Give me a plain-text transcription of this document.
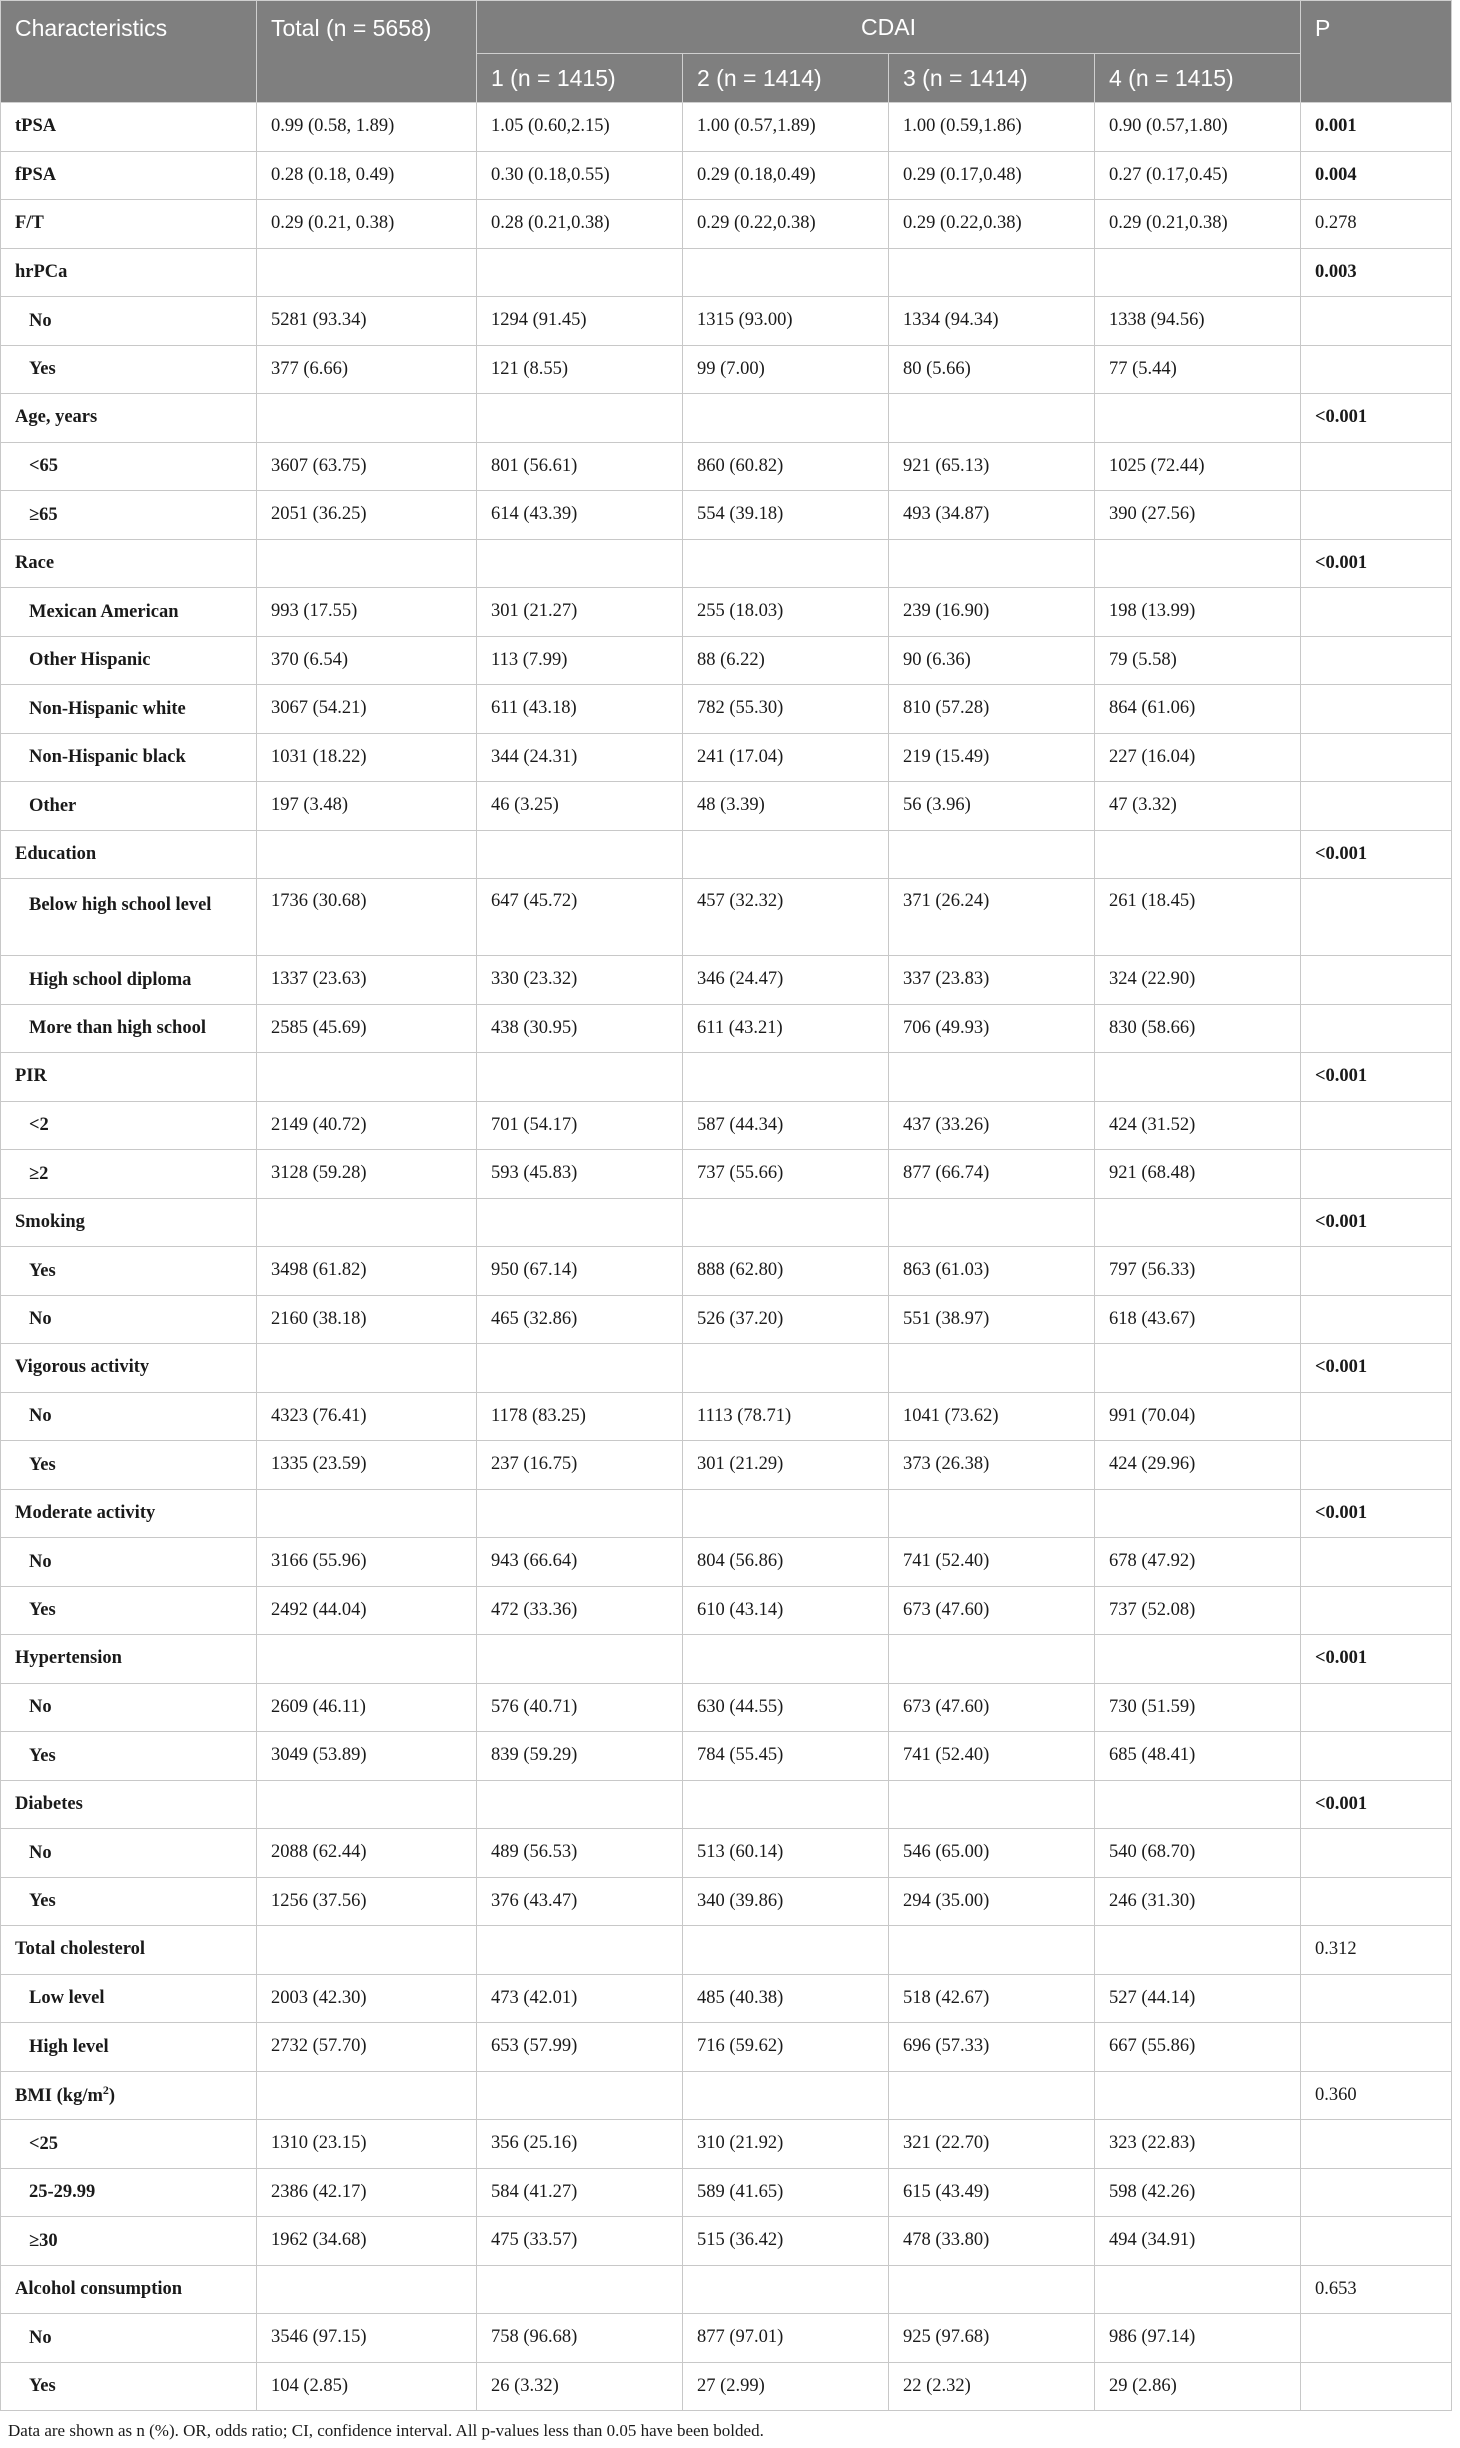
Characteristics	Total (n = 5658)	CDAI				P
		1 (n = 1415)	2 (n = 1414)	3 (n = 1414)	4 (n = 1415)	
tPSA	0.99 (0.58, 1.89)	1.05 (0.60,2.15)	1.00 (0.57,1.89)	1.00 (0.59,1.86)	0.90 (0.57,1.80)	0.001
fPSA	0.28 (0.18, 0.49)	0.30 (0.18,0.55)	0.29 (0.18,0.49)	0.29 (0.17,0.48)	0.27 (0.17,0.45)	0.004
F/T	0.29 (0.21, 0.38)	0.28 (0.21,0.38)	0.29 (0.22,0.38)	0.29 (0.22,0.38)	0.29 (0.21,0.38)	0.278
hrPCa						0.003
No	5281 (93.34)	1294 (91.45)	1315 (93.00)	1334 (94.34)	1338 (94.56)	
Yes	377 (6.66)	121 (8.55)	99 (7.00)	80 (5.66)	77 (5.44)	
Age, years						<0.001
<65	3607 (63.75)	801 (56.61)	860 (60.82)	921 (65.13)	1025 (72.44)	
≥65	2051 (36.25)	614 (43.39)	554 (39.18)	493 (34.87)	390 (27.56)	
Race						<0.001
Mexican American	993 (17.55)	301 (21.27)	255 (18.03)	239 (16.90)	198 (13.99)	
Other Hispanic	370 (6.54)	113 (7.99)	88 (6.22)	90 (6.36)	79 (5.58)	
Non-Hispanic white	3067 (54.21)	611 (43.18)	782 (55.30)	810 (57.28)	864 (61.06)	
Non-Hispanic black	1031 (18.22)	344 (24.31)	241 (17.04)	219 (15.49)	227 (16.04)	
Other	197 (3.48)	46 (3.25)	48 (3.39)	56 (3.96)	47 (3.32)	
Education						<0.001
Below high school level	1736 (30.68)	647 (45.72)	457 (32.32)	371 (26.24)	261 (18.45)	
High school diploma	1337 (23.63)	330 (23.32)	346 (24.47)	337 (23.83)	324 (22.90)	
More than high school	2585 (45.69)	438 (30.95)	611 (43.21)	706 (49.93)	830 (58.66)	
PIR						<0.001
<2	2149 (40.72)	701 (54.17)	587 (44.34)	437 (33.26)	424 (31.52)	
≥2	3128 (59.28)	593 (45.83)	737 (55.66)	877 (66.74)	921 (68.48)	
Smoking						<0.001
Yes	3498 (61.82)	950 (67.14)	888 (62.80)	863 (61.03)	797 (56.33)	
No	2160 (38.18)	465 (32.86)	526 (37.20)	551 (38.97)	618 (43.67)	
Vigorous activity						<0.001
No	4323 (76.41)	1178 (83.25)	1113 (78.71)	1041 (73.62)	991 (70.04)	
Yes	1335 (23.59)	237 (16.75)	301 (21.29)	373 (26.38)	424 (29.96)	
Moderate activity						<0.001
No	3166 (55.96)	943 (66.64)	804 (56.86)	741 (52.40)	678 (47.92)	
Yes	2492 (44.04)	472 (33.36)	610 (43.14)	673 (47.60)	737 (52.08)	
Hypertension						<0.001
No	2609 (46.11)	576 (40.71)	630 (44.55)	673 (47.60)	730 (51.59)	
Yes	3049 (53.89)	839 (59.29)	784 (55.45)	741 (52.40)	685 (48.41)	
Diabetes						<0.001
No	2088 (62.44)	489 (56.53)	513 (60.14)	546 (65.00)	540 (68.70)	
Yes	1256 (37.56)	376 (43.47)	340 (39.86)	294 (35.00)	246 (31.30)	
Total cholesterol						0.312
Low level	2003 (42.30)	473 (42.01)	485 (40.38)	518 (42.67)	527 (44.14)	
High level	2732 (57.70)	653 (57.99)	716 (59.62)	696 (57.33)	667 (55.86)	
BMI $(kg/m^2)$						0.360
<25	1310 (23.15)	356 (25.16)	310 (21.92)	321 (22.70)	323 (22.83)	
25-29.99	2386 (42.17)	584 (41.27)	589 (41.65)	615 (43.49)	598 (42.26)	
≥30	1962 (34.68)	475 (33.57)	515 (36.42)	478 (33.80)	494 (34.91)	
Alcohol consumption						0.653
No	3546 (97.15)	758 (96.68)	877 (97.01)	925 (97.68)	986 (97.14)	
Yes	104 (2.85)	26 (3.32)	27 (2.99)	22 (2.32)	29 (2.86)	
Data are shown as n (%). OR, odds ratio; CI, confidence interval. All p-values less than 0.05 have been bolded.
